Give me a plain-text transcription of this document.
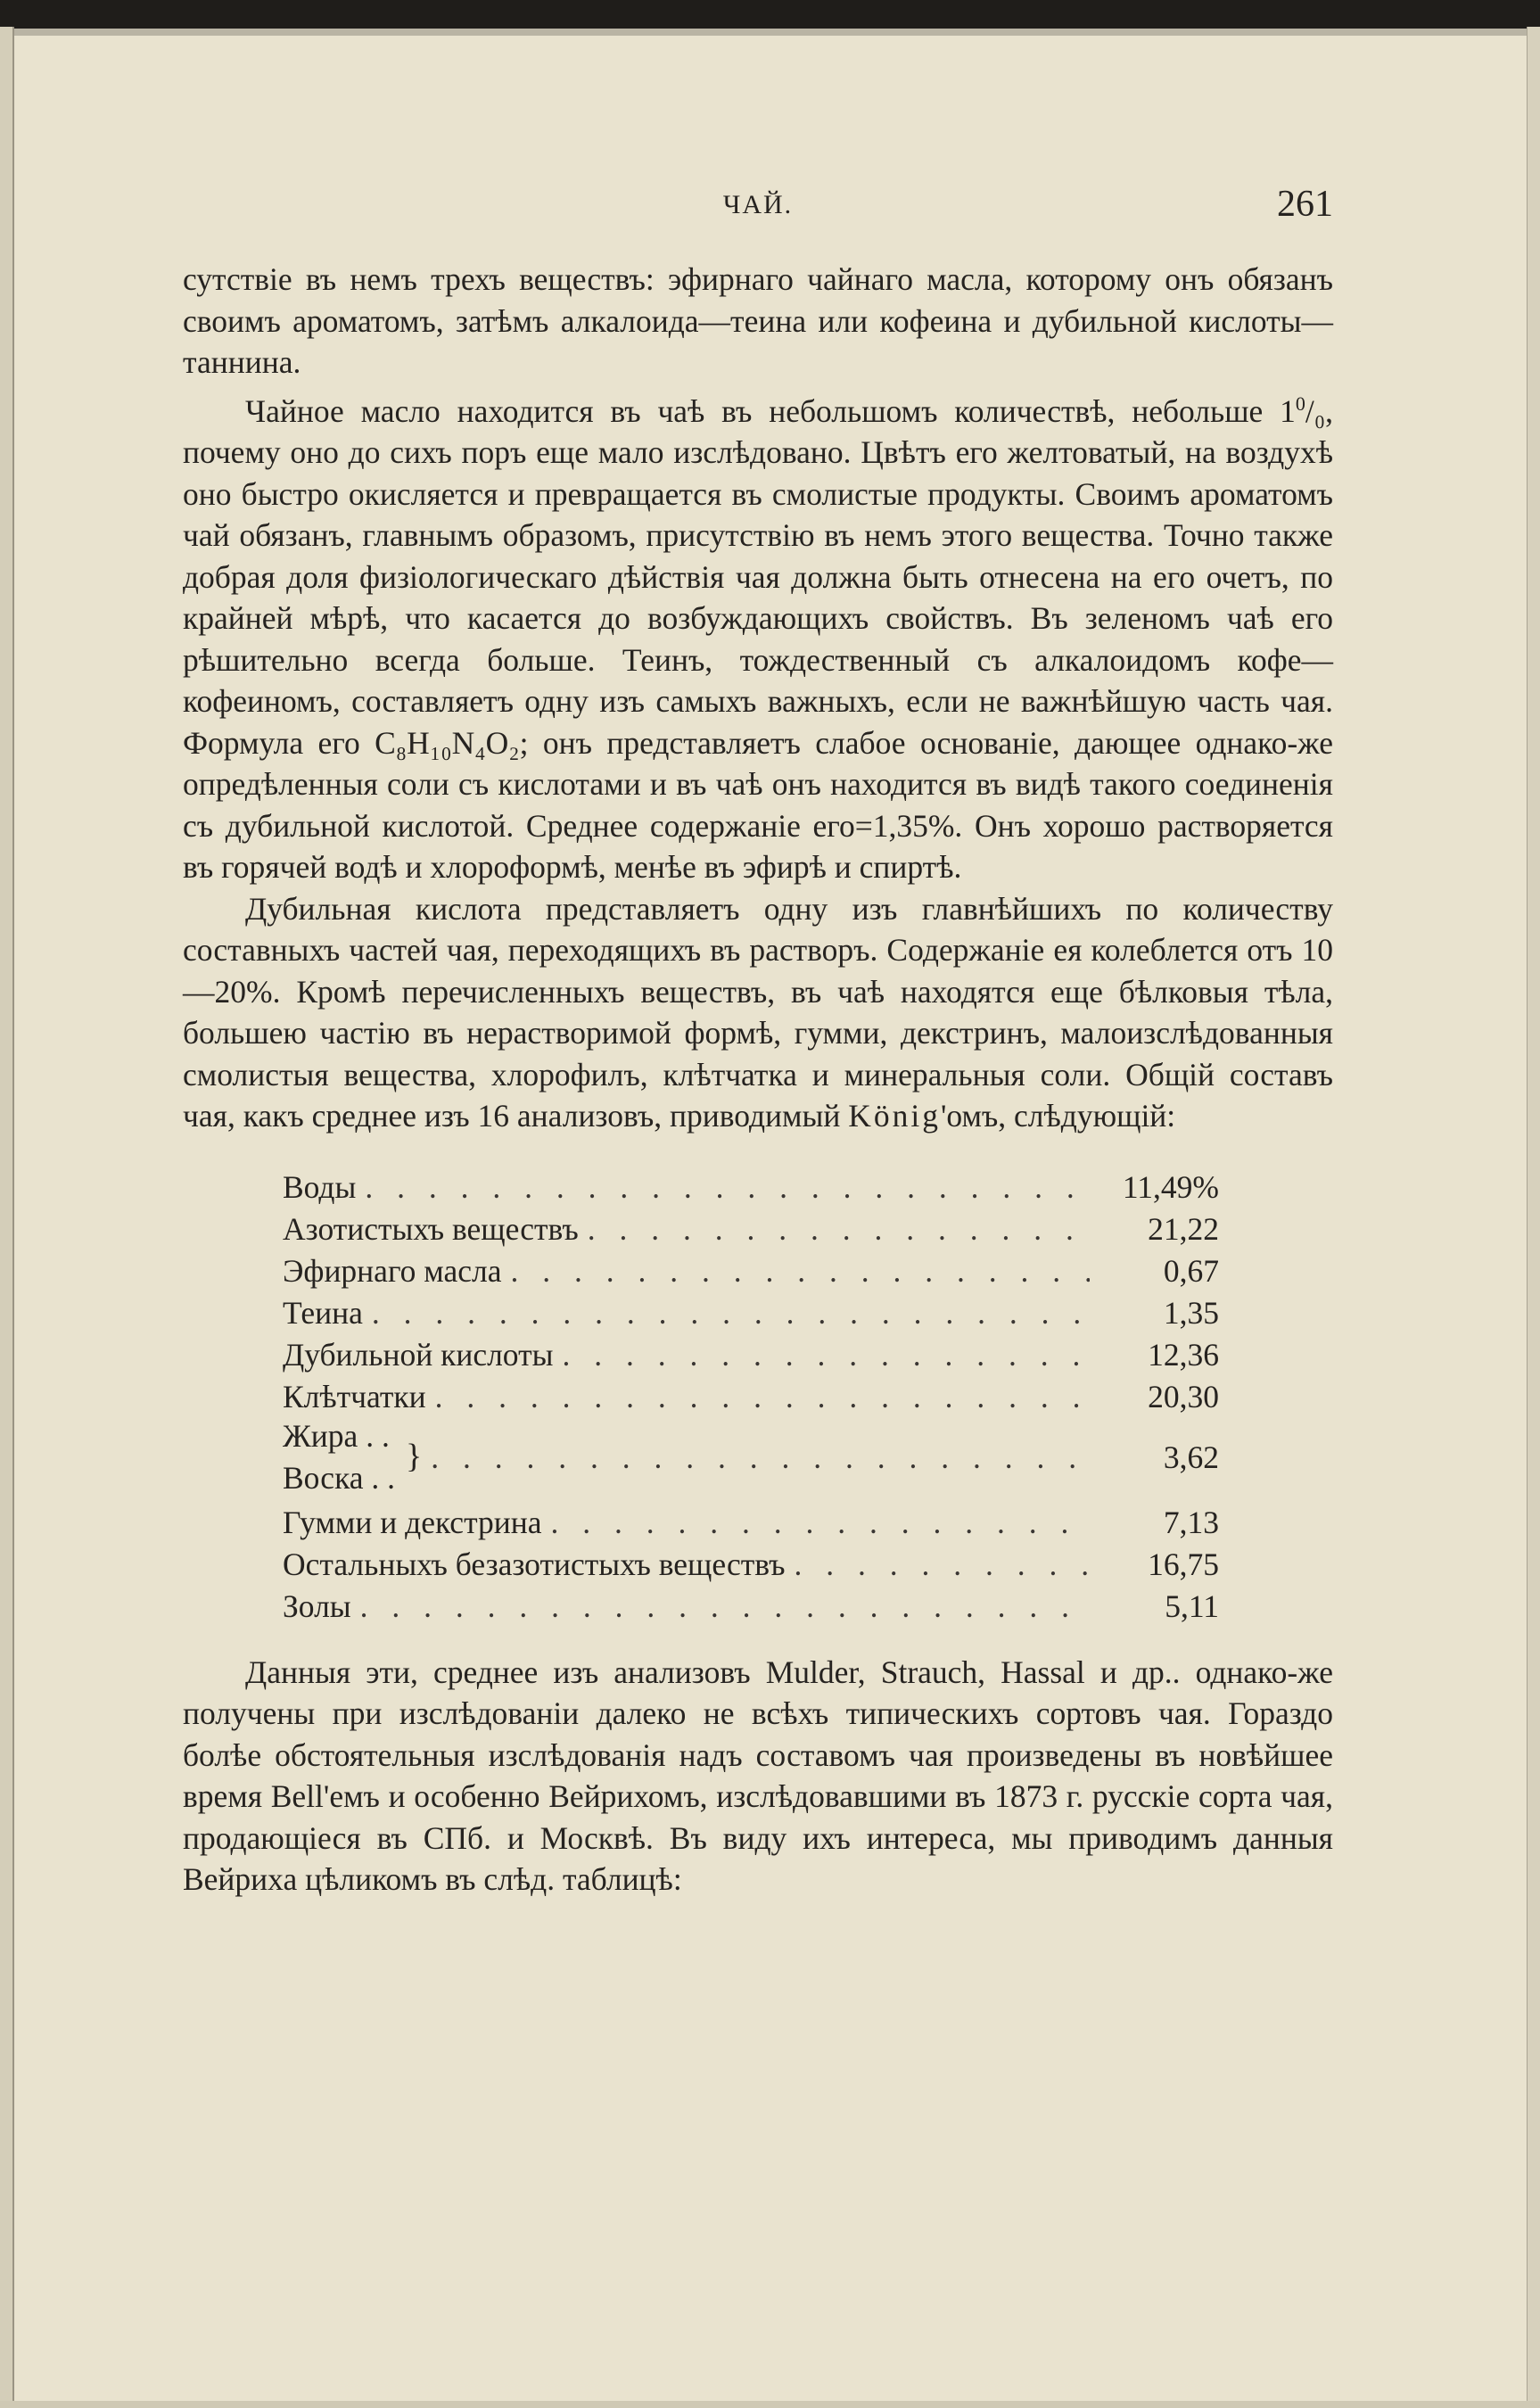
ЧАЙ.	261

сутствіе въ немъ трехъ веществъ: эфирнаго чайнаго масла, которому онъ обязанъ своимъ ароматомъ, затѣмъ алкалоида—теина или кофеина и дубильной кислоты—таннина.

Чайное масло находится въ чаѣ въ небольшомъ количествѣ, небольше $1^0/_0$, почему оно до сихъ поръ еще мало изслѣдовано. Цвѣтъ его желтоватый, на воздухѣ оно быстро окисляется и превращается въ смолистые продукты. Своимъ ароматомъ чай обязанъ, главнымъ образомъ, присутствію въ немъ этого вещества. Точно также добрая доля физiологическаго дѣйствія чая должна быть отнесена на его очетъ, по крайней мѣрѣ, что касается до возбуждающихъ свойствъ. Въ зеленомъ чаѣ его рѣшительно всегда больше. Теинъ, тождественный съ алкалоидомъ кофе—кофеиномъ, составляетъ одну изъ самыхъ важныхъ, если не важнѣйшую часть чая. Формула его C₈H₁₀N₄O₂; онъ представляетъ слабое основаніе, дающее однако-же опредѣленныя соли съ кислотами и въ чаѣ онъ находится въ видѣ такого соединенія съ дубильной кислотой. Среднее содержаніе его=1,35%. Онъ хорошо растворяется въ горячей водѣ и хлороформѣ, менѣе въ эфирѣ и спиртѣ.

Дубильная кислота представляетъ одну изъ главнѣйшихъ по количеству составныхъ частей чая, переходящихъ въ растворъ. Содержаніе ея колеблется отъ 10—20%. Кромѣ перечисленныхъ веществъ, въ чаѣ находятся еще бѣлковыя тѣла, большею частію въ нерастворимой формѣ, гумми, декстринъ, малоизслѣдованныя смолистыя вещества, хлорофилъ, клѣтчатка и минеральныя соли. Общій составъ чая, какъ среднее изъ 16 анализовъ, приводимый König'омъ, слѣдующій:

Воды . . .	11,49%
Азотистыхъ веществъ . . .	21,22
Эфирнаго масла . . .	0,67
Теина . . .	1,35
Дубильной кислоты . . .	12,36
Клѣтчатки . . .	20,30
Жира . .
Воска . .
} . . .	3,62
Гумми и декстрина . . .	7,13
Остальныхъ безазотистыхъ веществъ . . .	16,75
Золы . . .	5,11

Данныя эти, среднее изъ анализовъ Mulder, Strauch, Hassal и др.. однако-же получены при изслѣдованіи далеко не всѣхъ типическихъ сортовъ чая. Гораздо болѣе обстоятельныя изслѣдованія надъ составомъ чая произведены въ новѣйшее время Bell'емъ и особенно Вейрихомъ, изслѣдовавшими въ 1873 г. русскіе сорта чая, продающіеся въ СПб. и Москвѣ. Въ виду ихъ интереса, мы приводимъ данныя Вейриха цѣликомъ въ слѣд. таблицѣ:
